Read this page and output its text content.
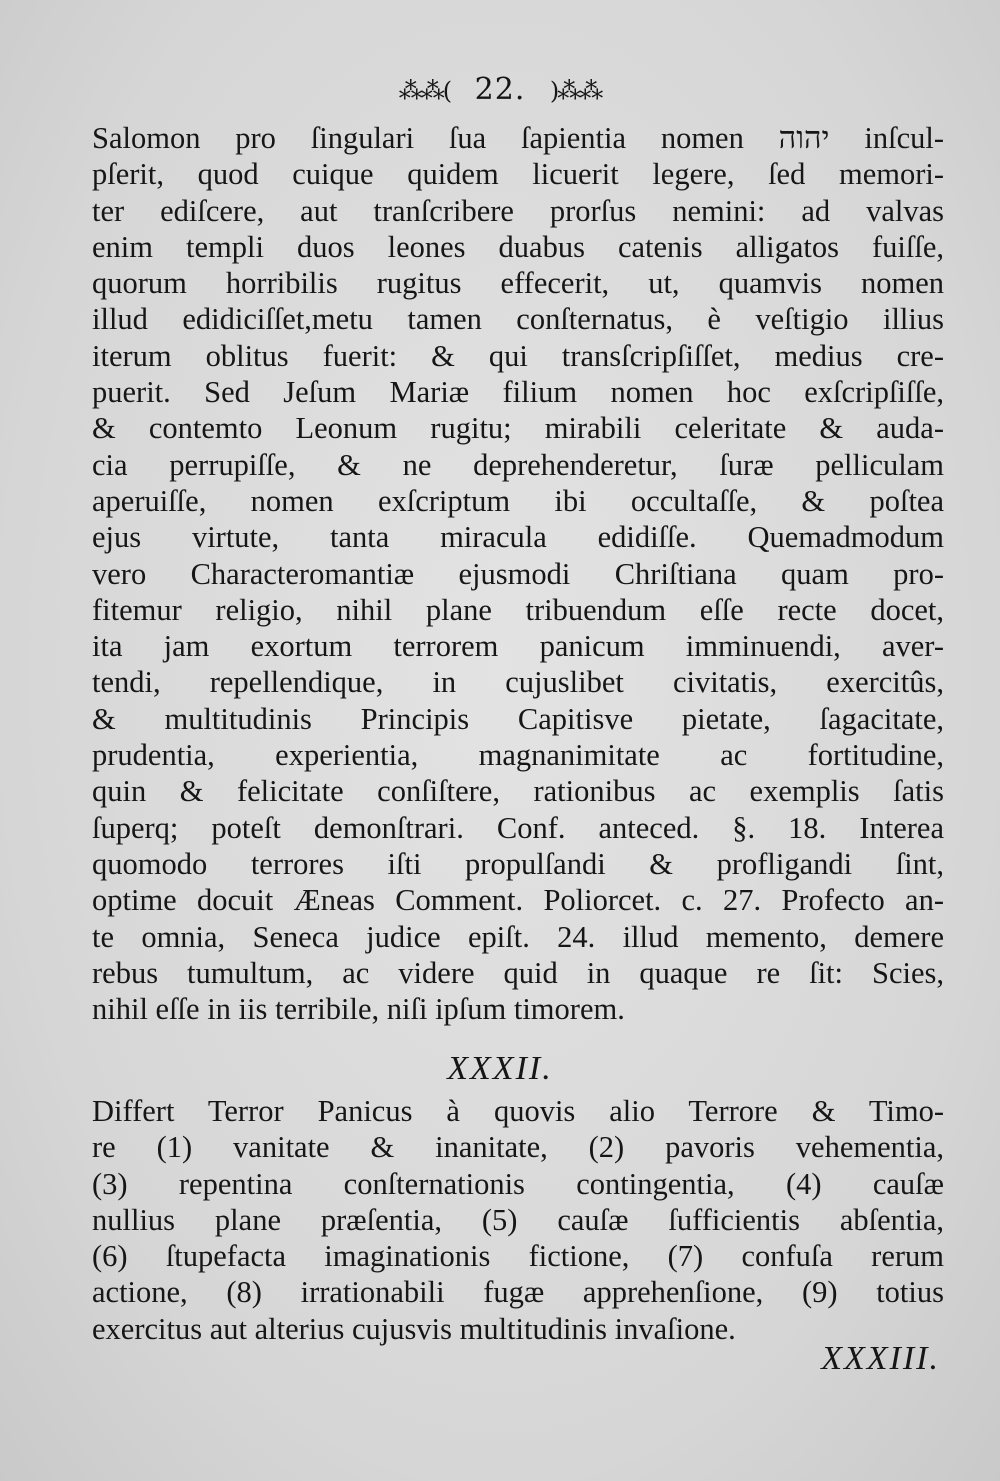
⁂⁂( 22. )⁂⁂
Salomon pro ſingulari ſua ſapientia nomen יהוה inſcul-
pſerit, quod cuique quidem licuerit legere, ſed memori-
ter ediſcere, aut tranſcribere prorſus nemini: ad valvas
enim templi duos leones duabus catenis alligatos fuiſſe,
quorum horribilis rugitus effecerit, ut, quamvis nomen
illud edidiciſſet,metu tamen conſternatus, è veſtigio illius
iterum oblitus fuerit: & qui transſcripſiſſet, medius cre-
puerit. Sed Jeſum Mariæ filium nomen hoc exſcripſiſſe,
& contemto Leonum rugitu; mirabili celeritate & auda-
cia perrupiſſe, & ne deprehenderetur, ſuræ pelliculam
aperuiſſe, nomen exſcriptum ibi occultaſſe, & poſtea
ejus virtute, tanta miracula edidiſſe. Quemadmodum
vero Characteromantiæ ejusmodi Chriſtiana quam pro-
fitemur religio, nihil plane tribuendum eſſe recte docet,
ita jam exortum terrorem panicum imminuendi, aver-
tendi, repellendique, in cujuslibet civitatis, exercitûs,
& multitudinis Principis Capitisve pietate, ſagacitate,
prudentia, experientia, magnanimitate ac fortitudine,
quin & felicitate conſiſtere, rationibus ac exemplis ſatis
ſuperq; poteſt demonſtrari. Conf. anteced. §. 18. Interea
quomodo terrores iſti propulſandi & profligandi ſint,
optime docuit Æneas Comment. Poliorcet. c. 27. Profecto an-
te omnia, Seneca judice epiſt. 24. illud memento, demere
rebus tumultum, ac videre quid in quaque re ſit: Scies,
nihil eſſe in iis terribile, niſi ipſum timorem.
XXXII.
Differt Terror Panicus à quovis alio Terrore & Timo-
re (1) vanitate & inanitate, (2) pavoris vehementia,
(3) repentina conſternationis contingentia, (4) cauſæ
nullius plane præſentia, (5) cauſæ ſufficientis abſentia,
(6) ſtupefacta imaginationis fictione, (7) confuſa rerum
actione, (8) irrationabili fugæ apprehenſione, (9) totius
exercitus aut alterius cujusvis multitudinis invaſione.
XXXIII.
